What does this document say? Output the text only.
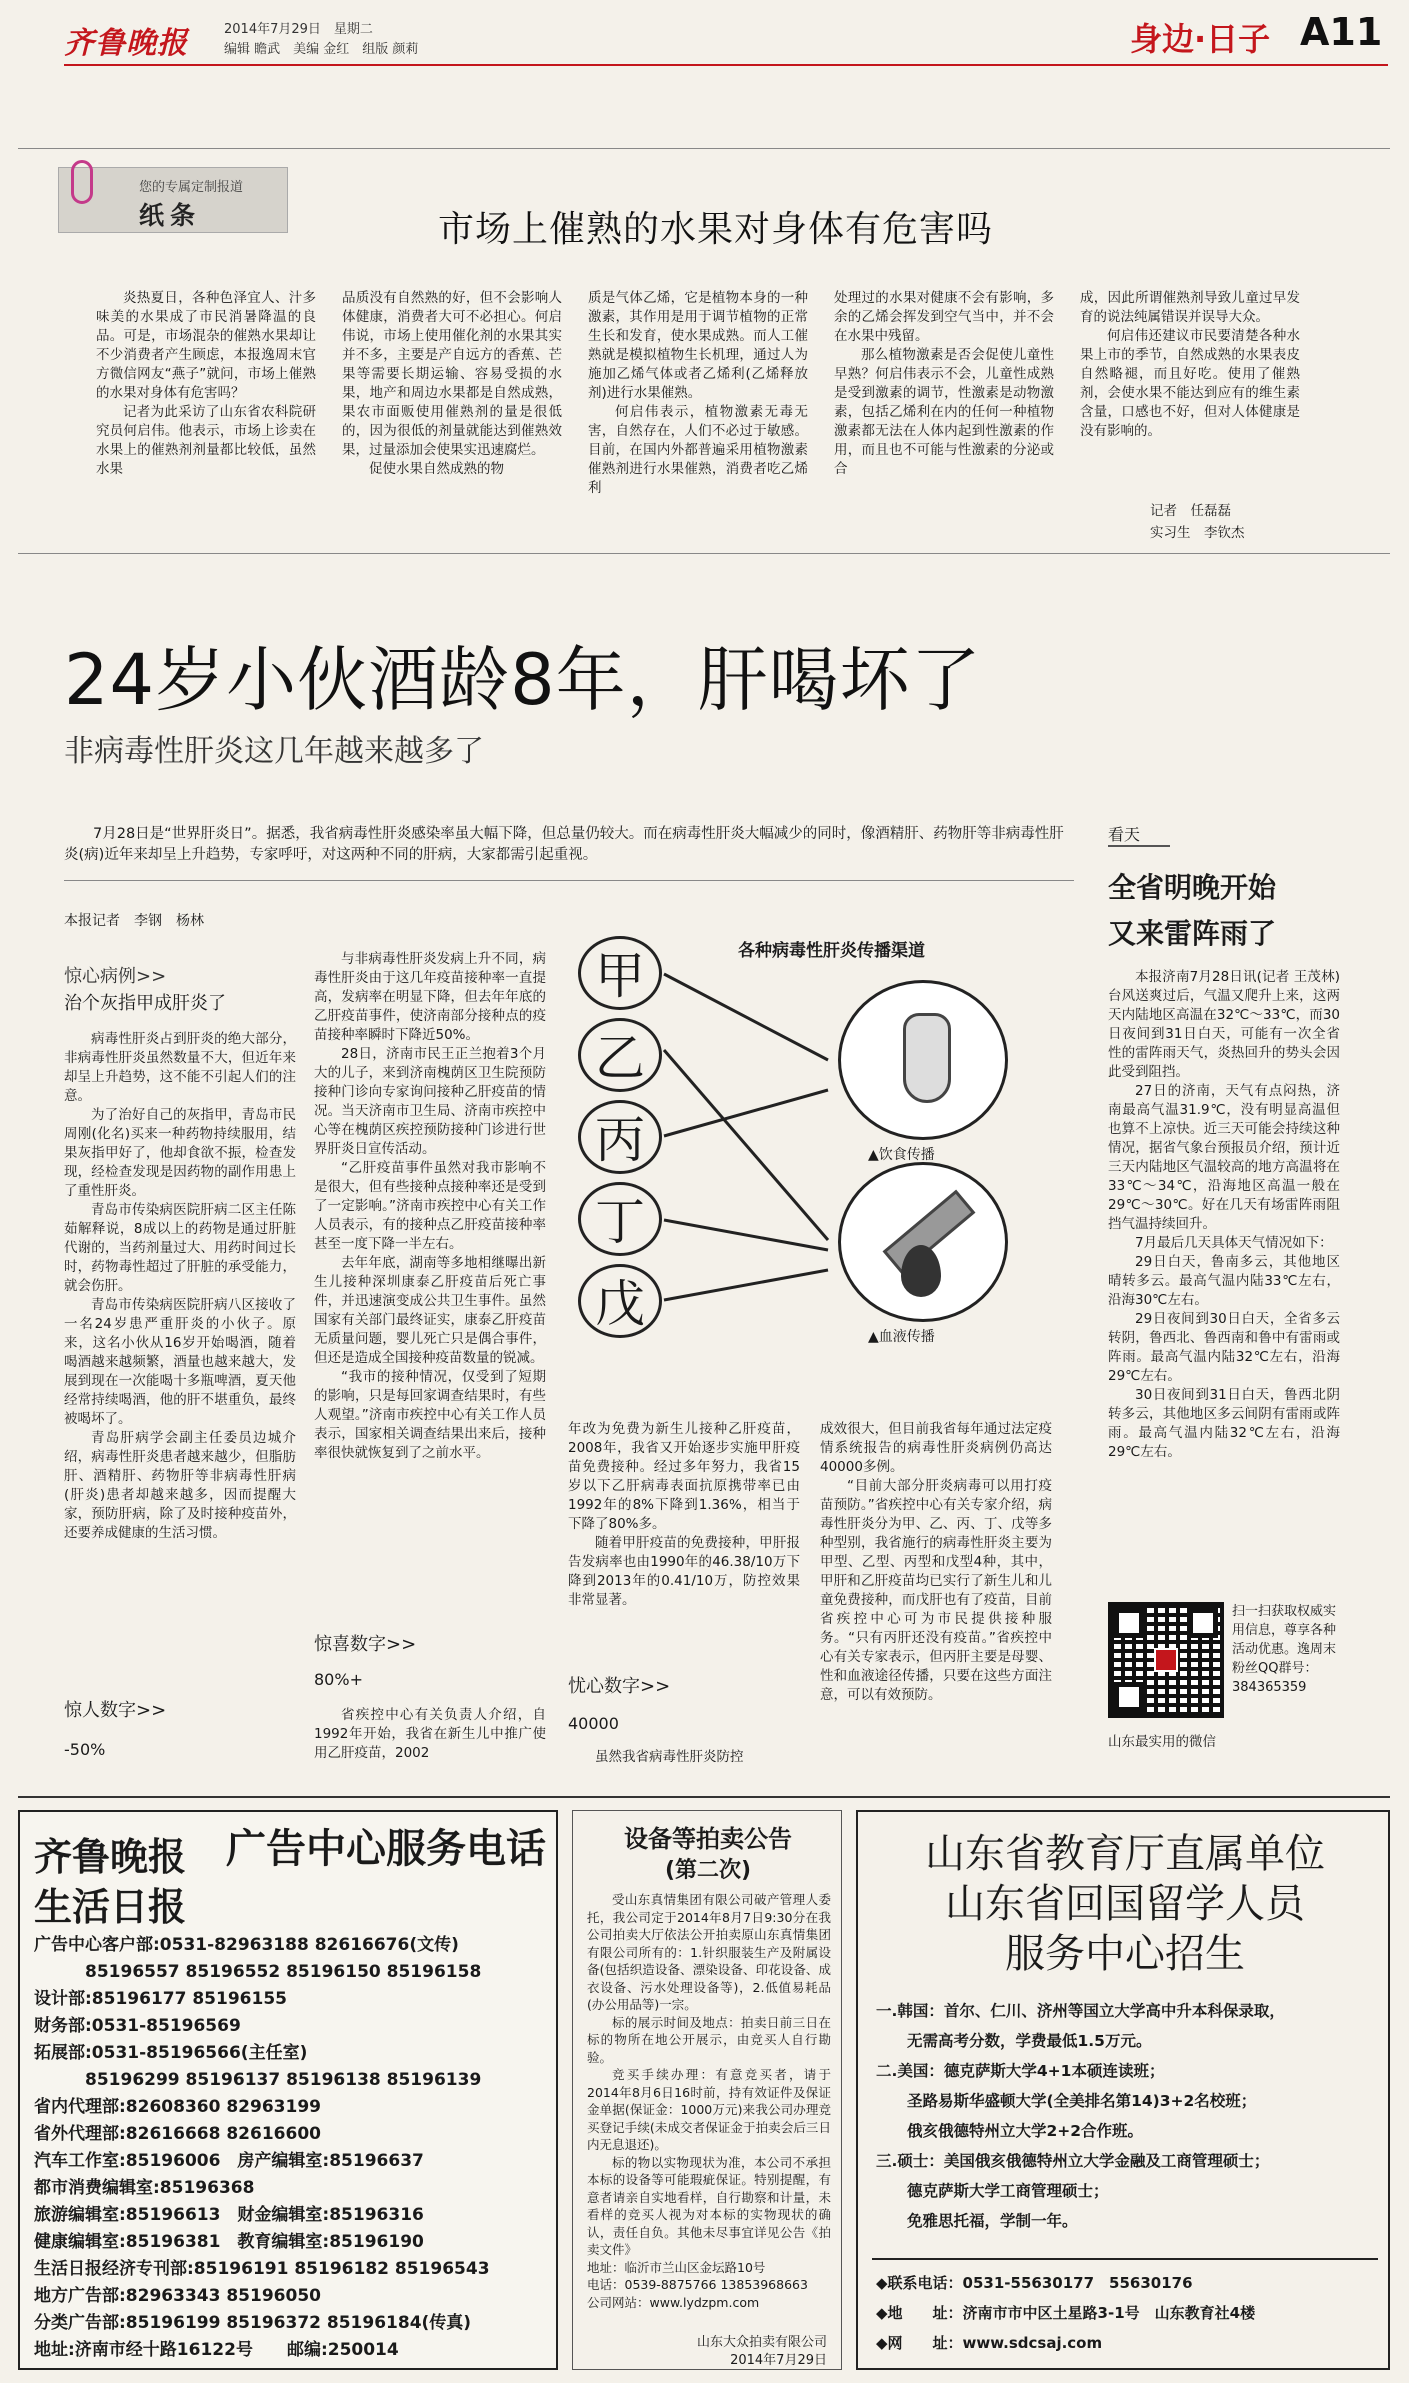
齐鲁晚报	2014年7月29日　星期二
编辑 瞻武　美编 金红　组版 颜莉	身边·日子 A11
您的专属定制报道
纸条	市场上催熟的水果对身体有危害吗

炎热夏日，各种色泽宜人、汁多味美的水果成了市民消暑降温的良品。可是，市场混杂的催熟水果却让不少消费者产生顾虑，本报逸周末官方微信网友“燕子”就问，市场上催熟的水果对身体有危害吗？

记者为此采访了山东省农科院研究员何启伟。他表示，市场上诊卖在水果上的催熟剂剂量都比较低，虽然水果

品质没有自然熟的好，但不会影响人体健康，消费者大可不必担心。何启伟说，市场上使用催化剂的水果其实并不多，主要是产自远方的香蕉、芒果等需要长期运输、容易受损的水果，地产和周边水果都是自然成熟，果农市面贩使用催熟剂的量是很低的，因为很低的剂量就能达到催熟效果，过量添加会使果实迅速腐烂。

促使水果自然成熟的物

质是气体乙烯，它是植物本身的一种激素，其作用是用于调节植物的正常生长和发育，使水果成熟。而人工催熟就是模拟植物生长机理，通过人为施加乙烯气体或者乙烯利(乙烯释放剂)进行水果催熟。

何启伟表示，植物激素无毒无害，自然存在，人们不必过于敏感。目前，在国内外都普遍采用植物激素催熟剂进行水果催熟，消费者吃乙烯利

处理过的水果对健康不会有影响，多余的乙烯会挥发到空气当中，并不会在水果中残留。

那么植物激素是否会促使儿童性早熟？何启伟表示不会，儿童性成熟是受到激素的调节，性激素是动物激素，包括乙烯利在内的任何一种植物激素都无法在人体内起到性激素的作用，而且也不可能与性激素的分泌或合

成，因此所谓催熟剂导致儿童过早发育的说法纯属错误并误导大众。

何启伟还建议市民要清楚各种水果上市的季节，自然成熟的水果表皮自然略褪，而且好吃。使用了催熟剂，会使水果不能达到应有的维生素含量，口感也不好，但对人体健康是没有影响的。

记者　任磊磊
实习生　李钦杰
24岁小伙酒龄8年，肝喝坏了
非病毒性肝炎这几年越来越多了
7月28日是“世界肝炎日”。据悉，我省病毒性肝炎感染率虽大幅下降，但总量仍较大。而在病毒性肝炎大幅减少的同时，像酒精肝、药物肝等非病毒性肝炎(病)近年来却呈上升趋势，专家呼吁，对这两种不同的肝病，大家都需引起重视。
本报记者　李钢　杨林
惊心病例>>
治个灰指甲成肝炎了

病毒性肝炎占到肝炎的绝大部分，非病毒性肝炎虽然数量不大，但近年来却呈上升趋势，这不能不引起人们的注意。

为了治好自己的灰指甲，青岛市民周刚(化名)买来一种药物持续服用，结果灰指甲好了，他却食欲不振，检查发现，经检查发现是因药物的副作用患上了重性肝炎。

青岛市传染病医院肝病二区主任陈茹解释说，8成以上的药物是通过肝脏代谢的，当药剂量过大、用药时间过长时，药物毒性超过了肝脏的承受能力，就会伤肝。

青岛市传染病医院肝病八区接收了一名24岁患严重肝炎的小伙子。原来，这名小伙从16岁开始喝酒，随着喝酒越来越频繁，酒量也越来越大，发展到现在一次能喝十多瓶啤酒，夏天他经常持续喝酒，他的肝不堪重负，最终被喝坏了。

青岛肝病学会副主任委员边城介绍，病毒性肝炎患者越来越少，但脂肪肝、酒精肝、药物肝等非病毒性肝病(肝炎)患者却越来越多，因而提醒大家，预防肝病，除了及时接种疫苗外，还要养成健康的生活习惯。

惊人数字>>
-50%

与非病毒性肝炎发病上升不同，病毒性肝炎由于这几年疫苗接种率一直提高，发病率在明显下降，但去年年底的乙肝疫苗事件，使济南部分接种点的疫苗接种率瞬时下降近50%。

28日，济南市民王正兰抱着3个月大的儿子，来到济南槐荫区卫生院预防接种门诊向专家询问接种乙肝疫苗的情况。当天济南市卫生局、济南市疾控中心等在槐荫区疾控预防接种门诊进行世界肝炎日宣传活动。

“乙肝疫苗事件虽然对我市影响不是很大，但有些接种点接种率还是受到了一定影响。”济南市疾控中心有关工作人员表示，有的接种点乙肝疫苗接种率甚至一度下降一半左右。

去年年底，湖南等多地相继曝出新生儿接种深圳康泰乙肝疫苗后死亡事件，并迅速演变成公共卫生事件。虽然国家有关部门最终证实，康泰乙肝疫苗无质量问题，婴儿死亡只是偶合事件，但还是造成全国接种疫苗数量的锐减。

“我市的接种情况，仅受到了短期的影响，只是每回家调查结果时，有些人观望。”济南市疾控中心有关工作人员表示，国家相关调查结果出来后，接种率很快就恢复到了之前水平。

惊喜数字>>
80%+

省疾控中心有关负责人介绍，自1992年开始，我省在新生儿中推广使用乙肝疫苗，2002

各种病毒性肝炎传播渠道
甲
乙
丙
丁
戊
▲饮食传播
▲血液传播

年改为免费为新生儿接种乙肝疫苗，2008年，我省又开始逐步实施甲肝疫苗免费接种。经过多年努力，我省15岁以下乙肝病毒表面抗原携带率已由1992年的8%下降到1.36%，相当于下降了80%多。

随着甲肝疫苗的免费接种，甲肝报告发病率也由1990年的46.38/10万下降到2013年的0.41/10万，防控效果非常显著。

忧心数字>>
40000

虽然我省病毒性肝炎防控

成效很大，但目前我省每年通过法定疫情系统报告的病毒性肝炎病例仍高达40000多例。

“目前大部分肝炎病毒可以用打疫苗预防。”省疾控中心有关专家介绍，病毒性肝炎分为甲、乙、丙、丁、戊等多种型别，我省施行的病毒性肝炎主要为甲型、乙型、丙型和戊型4种，其中，甲肝和乙肝疫苗均已实行了新生儿和儿童免费接种，而戊肝也有了疫苗，目前省疾控中心可为市民提供接种服务。“只有丙肝还没有疫苗。”省疾控中心有关专家表示，但丙肝主要是母婴、性和血液途径传播，只要在这些方面注意，可以有效预防。

看天
全省明晚开始
又来雷阵雨了

本报济南7月28日讯(记者 王茂林) 台风送爽过后，气温又爬升上来，这两天内陆地区高温在32℃～33℃，而30日夜间到31日白天，可能有一次全省性的雷阵雨天气，炎热回升的势头会因此受到阻挡。

27日的济南，天气有点闷热，济南最高气温31.9℃，没有明显高温但也算不上凉快。近三天可能会持续这种情况，据省气象台预报员介绍，预计近三天内陆地区气温较高的地方高温将在33℃～34℃，沿海地区高温一般在29℃～30℃。好在几天有场雷阵雨阻挡气温持续回升。

7月最后几天具体天气情况如下：

29日白天，鲁南多云，其他地区晴转多云。最高气温内陆33℃左右，沿海30℃左右。

29日夜间到30日白天，全省多云转阴，鲁西北、鲁西南和鲁中有雷雨或阵雨。最高气温内陆32℃左右，沿海29℃左右。

30日夜间到31日白天，鲁西北阴转多云，其他地区多云间阴有雷雨或阵雨。最高气温内陆32℃左右，沿海29℃左右。

扫一扫获取权威实用信息，尊享各种活动优惠。逸周末粉丝QQ群号：384365359
山东最实用的微信
齐鲁晚报
生活日报
广告中心服务电话
广告中心客户部:0531-82963188 82616676(文传)
　　　85196557 85196552 85196150 85196158
设计部:85196177 85196155
财务部:0531-85196569
拓展部:0531-85196566(主任室)
　　　85196299 85196137 85196138 85196139
省内代理部:82608360 82963199
省外代理部:82616668 82616600
汽车工作室:85196006　房产编辑室:85196637
都市消费编辑室:85196368
旅游编辑室:85196613　财金编辑室:85196316
健康编辑室:85196381　教育编辑室:85196190
生活日报经济专刊部:85196191 85196182 85196543
地方广告部:82963343 85196050
分类广告部:85196199 85196372 85196184(传真)
地址:济南市经十路16122号　　邮编:250014
设备等拍卖公告
(第二次)

受山东真情集团有限公司破产管理人委托，我公司定于2014年8月7日9:30分在我公司拍卖大厅依法公开拍卖原山东真情集团有限公司所有的：1.针织服装生产及附属设备(包括织造设备、漂染设备、印花设备、成衣设备、污水处理设备等)，2.低值易耗品(办公用品等)一宗。

标的展示时间及地点：拍卖日前三日在标的物所在地公开展示，由竞买人自行勘验。

竞买手续办理：有意竞买者，请于2014年8月6日16时前，持有效证件及保证金单据(保证金：1000万元)来我公司办理竞买登记手续(未成交者保证金于拍卖会后三日内无息退还)。

标的物以实物现状为准，本公司不承担本标的设备等可能瑕疵保证。特别提醒，有意者请亲自实地看样，自行勘察和计量，未看样的竞买人视为对本标的实物现状的确认，责任自负。其他未尽事宜详见公告《拍卖文件》

地址：临沂市兰山区金坛路10号

电话：0539-8875766 13853968663

公司网站：www.lydzpm.com

山东大众拍卖有限公司
2014年7月29日
山东省教育厅直属单位
山东省回国留学人员
服务中心招生
一.韩国：首尔、仁川、济州等国立大学高中升本科保录取，
　　无需高考分数，学费最低1.5万元。
二.美国：德克萨斯大学4+1本硕连读班；
　　圣路易斯华盛顿大学(全美排名第14)3+2名校班；
　　俄亥俄德特州立大学2+2合作班。
三.硕士：美国俄亥俄德特州立大学金融及工商管理硕士；
　　德克萨斯大学工商管理硕士；
　　免雅思托福，学制一年。
◆联系电话：0531-55630177　55630176
◆地　　址：济南市市中区土星路3-1号　山东教育社4楼
◆网　　址：www.sdcsaj.com
